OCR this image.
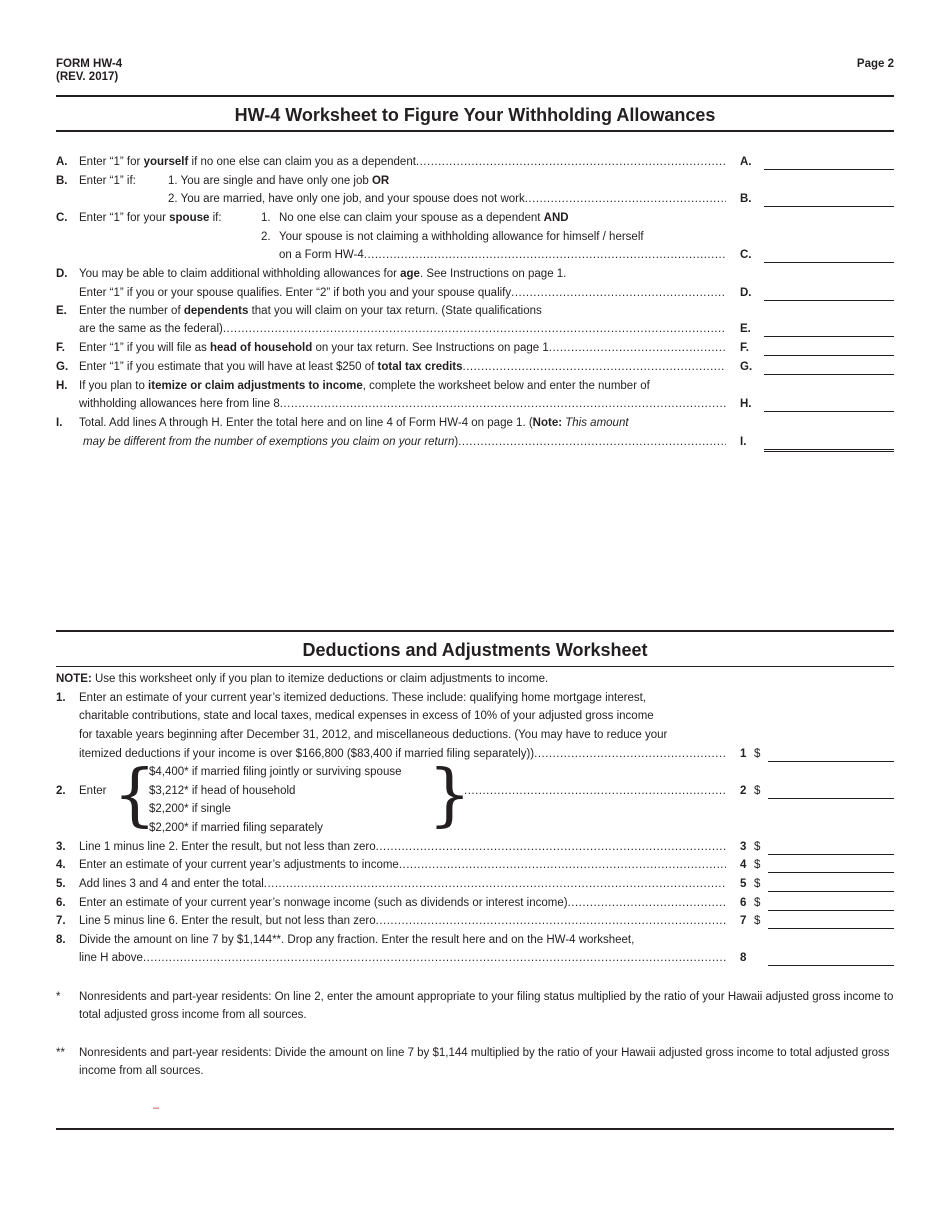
FORM HW-4
(REV. 2017)
Page 2
HW-4 Worksheet to Figure Your Withholding Allowances
A. Enter “1” for yourself if no one else can claim you as a dependent .....	A.
B. Enter “1” if:	1. You are single and have only one job OR
2. You are married, have only one job, and your spouse does not work .....	B.
C. Enter “1” for your spouse if:	1. No one else can claim your spouse as a dependent AND
2. Your spouse is not claiming a withholding allowance for himself / herself
on a Form HW-4 .....	C.
D. You may be able to claim additional withholding allowances for age. See Instructions on page 1.
Enter “1” if you or your spouse qualifies. Enter “2” if both you and your spouse qualify .....	D.
E. Enter the number of dependents that you will claim on your tax return. (State qualifications
are the same as the federal) .....	E.
F. Enter “1” if you will file as head of household on your tax return. See Instructions on page 1 .....	F.
G. Enter “1” if you estimate that you will have at least $250 of total tax credits .....	G.
H. If you plan to itemize or claim adjustments to income, complete the worksheet below and enter the number of
withholding allowances here from line 8 .....	H.
I. Total. Add lines A through H. Enter the total here and on line 4 of Form HW-4 on page 1. (Note: This amount
may be different from the number of exemptions you claim on your return) .....	I.
Deductions and Adjustments Worksheet
NOTE: Use this worksheet only if you plan to itemize deductions or claim adjustments to income.
1. Enter an estimate of your current year’s itemized deductions. These include: qualifying home mortgage interest,
charitable contributions, state and local taxes, medical expenses in excess of 10% of your adjusted gross income
for taxable years beginning after December 31, 2012, and miscellaneous deductions. (You may have to reduce your
itemized deductions if your income is over $166,800 ($83,400 if married filing separately)) .....	1 $
{	}
$4,400* if married filing jointly or surviving spouse
2. Enter	$3,212* if head of household .....	2 $
$2,200* if single
$2,200* if married filing separately
3. Line 1 minus line 2. Enter the result, but not less than zero .....	3 $
4. Enter an estimate of your current year’s adjustments to income .....	4 $
5. Add lines 3 and 4 and enter the total .....	5 $
6. Enter an estimate of your current year’s nonwage income (such as dividends or interest income) .....	6 $
7. Line 5 minus line 6. Enter the result, but not less than zero .....	7 $
8. Divide the amount on line 7 by $1,144**. Drop any fraction. Enter the result here and on the HW-4 worksheet,
line H above .....	8
* Nonresidents and part-year residents: On line 2, enter the amount appropriate to your filing status multiplied by the ratio of your Hawaii adjusted gross income to total adjusted gross income from all sources.
** Nonresidents and part-year residents: Divide the amount on line 7 by $1,144 multiplied by the ratio of your Hawaii adjusted gross income to total adjusted gross income from all sources.
–
